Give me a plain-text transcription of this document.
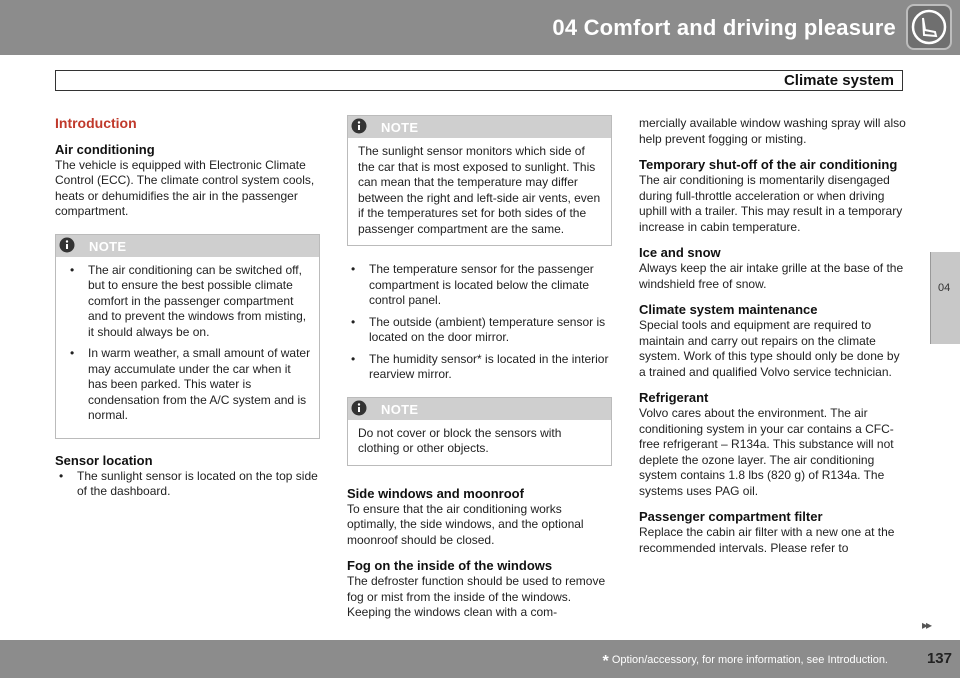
04 Comfort and driving pleasure
Climate system
04
Introduction
Air conditioning

The vehicle is equipped with Electronic Climate Control (ECC). The climate control system cools, heats or dehumidifies the air in the passenger compartment.

NOTE
• The air conditioning can be switched off, but to ensure the best possible climate comfort in the passenger compartment and to prevent the windows from misting, it should always be on.
• In warm weather, a small amount of water may accumulate under the car when it has been parked. This water is condensation from the A/C system and is normal.
Sensor location
• The sunlight sensor is located on the top side of the dashboard.
NOTE
The sunlight sensor monitors which side of the car that is most exposed to sunlight. This can mean that the temperature may differ between the right and left-side air vents, even if the temperatures set for both sides of the passenger compartment are the same.
• The temperature sensor for the passenger compartment is located below the climate control panel.
• The outside (ambient) temperature sensor is located on the door mirror.
• The humidity sensor* is located in the interior rearview mirror.
NOTE
Do not cover or block the sensors with clothing or other objects.
Side windows and moonroof

To ensure that the air conditioning works optimally, the side windows, and the optional moonroof should be closed.

Fog on the inside of the windows

The defroster function should be used to remove fog or mist from the inside of the windows. Keeping the windows clean with a com-

mercially available window washing spray will also help prevent fogging or misting.

Temporary shut-off of the air conditioning

The air conditioning is momentarily disengaged during full-throttle acceleration or when driving uphill with a trailer. This may result in a temporary increase in cabin temperature.

Ice and snow

Always keep the air intake grille at the base of the windshield free of snow.

Climate system maintenance

Special tools and equipment are required to maintain and carry out repairs on the climate system. Work of this type should only be done by a trained and qualified Volvo service technician.

Refrigerant

Volvo cares about the environment. The air conditioning system in your car contains a CFC-free refrigerant – R134a. This substance will not deplete the ozone layer. The air conditioning system contains 1.8 lbs (820 g) of R134a. The systems uses PAG oil.

Passenger compartment filter

Replace the cabin air filter with a new one at the recommended intervals. Please refer to

▸▸
* Option/accessory, for more information, see Introduction.	137
